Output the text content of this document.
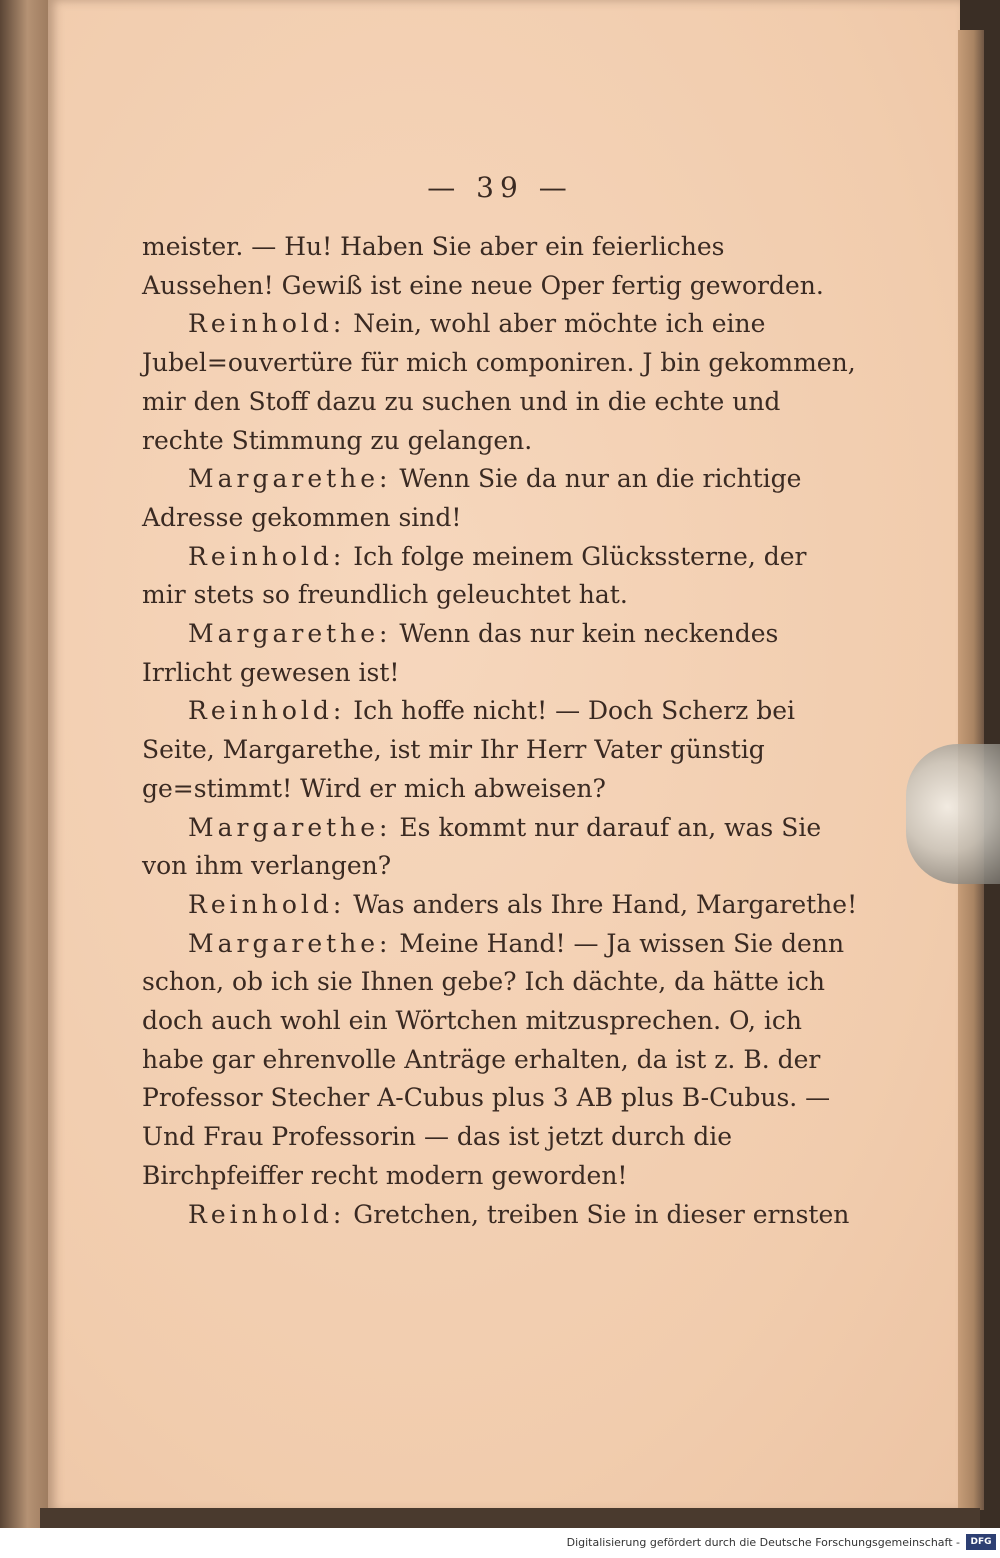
— 39 —

meister. — Hu! Haben Sie aber ein feierliches Aussehen! Gewiß ist eine neue Oper fertig geworden.

Reinhold: Nein, wohl aber möchte ich eine Jubel=ouvertüre für mich componiren. J bin gekommen, mir den Stoff dazu zu suchen und in die echte und rechte Stimmung zu gelangen.

Margarethe: Wenn Sie da nur an die richtige Adresse gekommen sind!

Reinhold: Ich folge meinem Glückssterne, der mir stets so freundlich geleuchtet hat.

Margarethe: Wenn das nur kein neckendes Irrlicht gewesen ist!

Reinhold: Ich hoffe nicht! — Doch Scherz bei Seite, Margarethe, ist mir Ihr Herr Vater günstig ge=stimmt! Wird er mich abweisen?

Margarethe: Es kommt nur darauf an, was Sie von ihm verlangen?

Reinhold: Was anders als Ihre Hand, Margarethe!

Margarethe: Meine Hand! — Ja wissen Sie denn schon, ob ich sie Ihnen gebe? Ich dächte, da hätte ich doch auch wohl ein Wörtchen mitzusprechen. O, ich habe gar ehrenvolle Anträge erhalten, da ist z. B. der Professor Stecher A-Cubus plus 3 AB plus B-Cubus. — Und Frau Professorin — das ist jetzt durch die Birchpfeiffer recht modern geworden!

Reinhold: Gretchen, treiben Sie in dieser ernsten

Digitalisierung gefördert durch die Deutsche Forschungsgemeinschaft -	DFG
